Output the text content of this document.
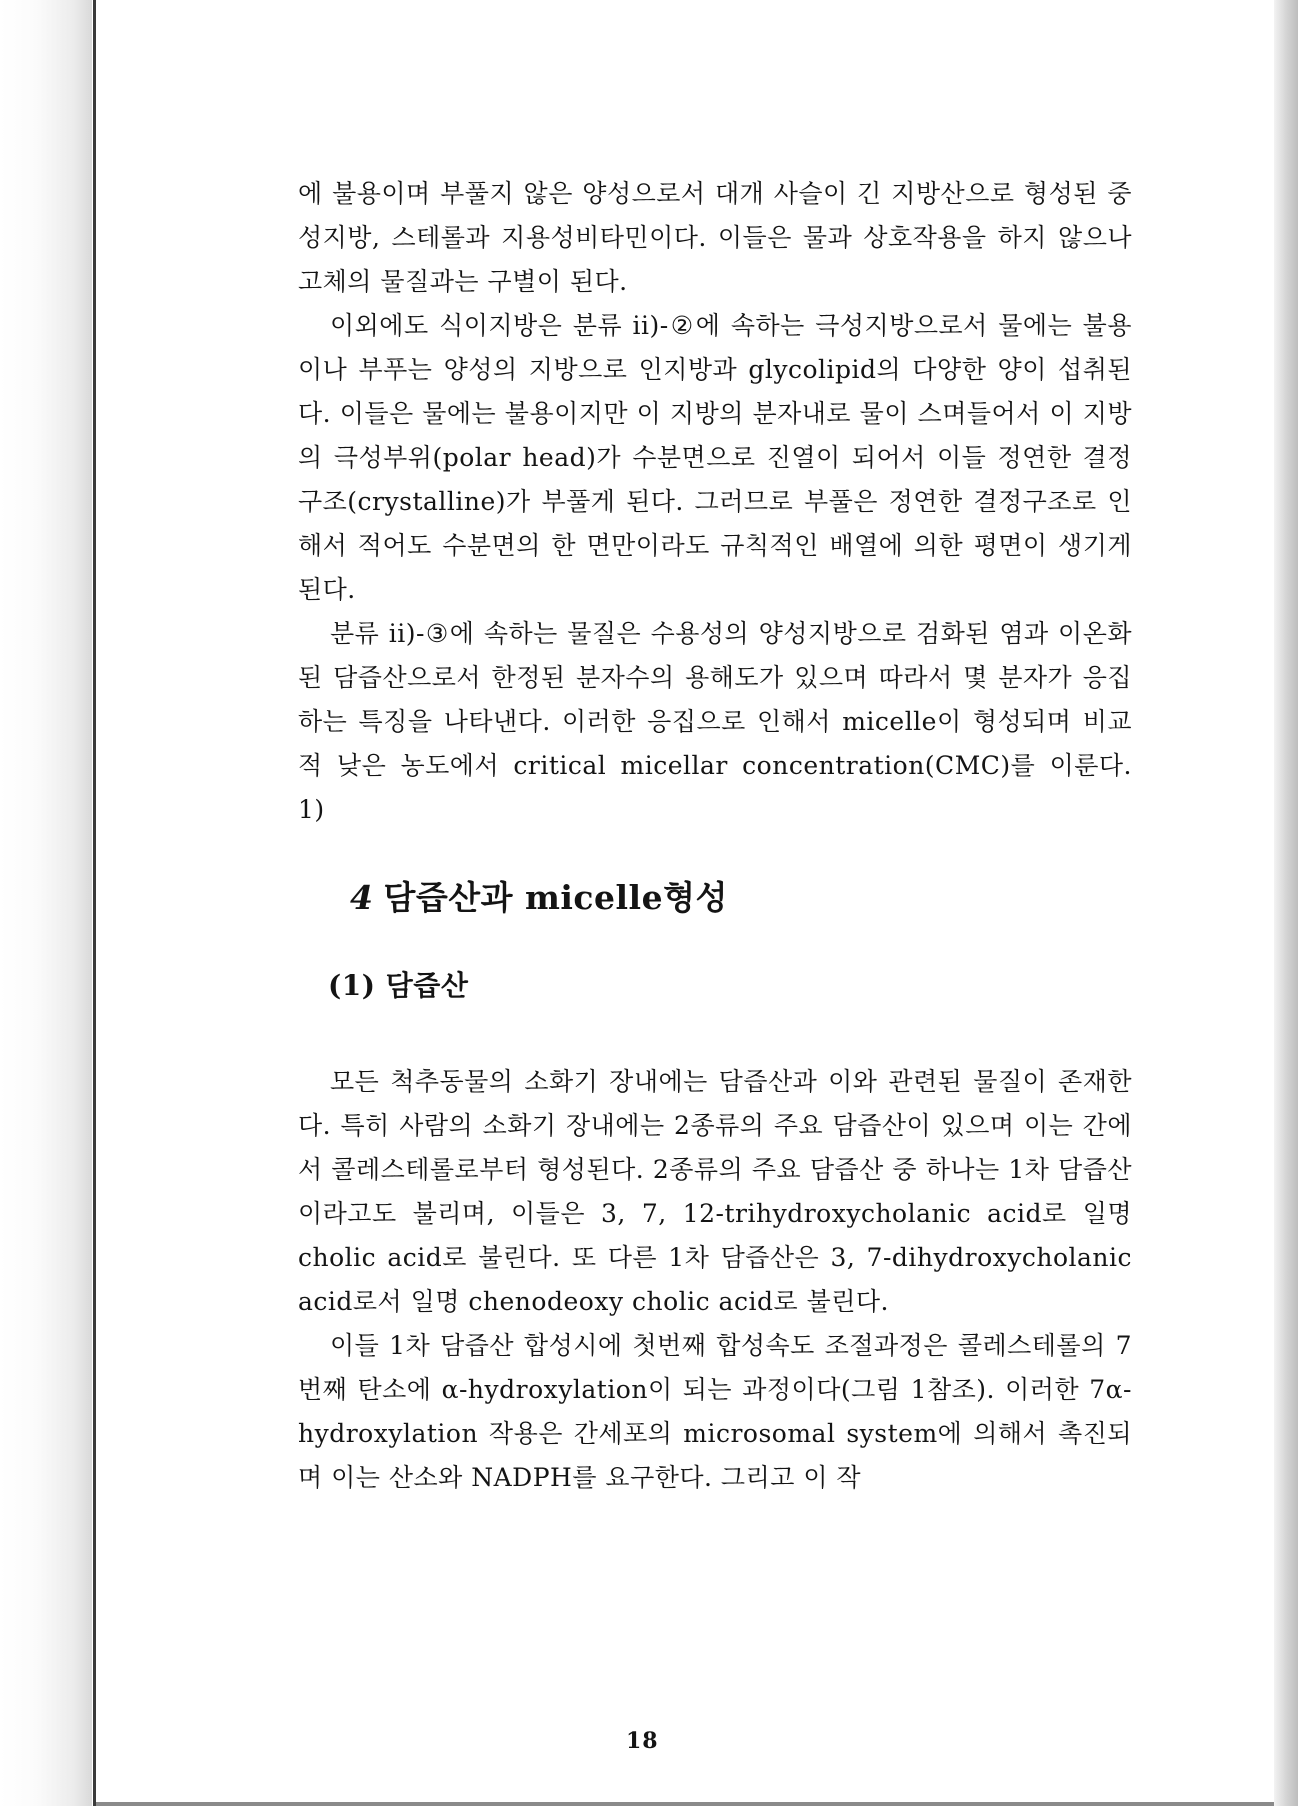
에 불용이며 부풀지 않은 양성으로서 대개 사슬이 긴 지방산으로 형성된 중성지방, 스테롤과 지용성비타민이다. 이들은 물과 상호작용을 하지 않으나 고체의 물질과는 구별이 된다.

이외에도 식이지방은 분류 ii)-②에 속하는 극성지방으로서 물에는 불용이나 부푸는 양성의 지방으로 인지방과 glycolipid의 다양한 양이 섭취된다. 이들은 물에는 불용이지만 이 지방의 분자내로 물이 스며들어서 이 지방의 극성부위(polar head)가 수분면으로 진열이 되어서 이들 정연한 결정구조(crystalline)가 부풀게 된다. 그러므로 부풀은 정연한 결정구조로 인해서 적어도 수분면의 한 면만이라도 규칙적인 배열에 의한 평면이 생기게 된다.

분류 ii)-③에 속하는 물질은 수용성의 양성지방으로 검화된 염과 이온화된 담즙산으로서 한정된 분자수의 용해도가 있으며 따라서 몇 분자가 응집하는 특징을 나타낸다. 이러한 응집으로 인해서 micelle이 형성되며 비교적 낮은 농도에서 critical micellar concentration(CMC)를 이룬다. 1)

4 담즙산과 micelle형성
(1) 담즙산

모든 척추동물의 소화기 장내에는 담즙산과 이와 관련된 물질이 존재한다. 특히 사람의 소화기 장내에는 2종류의 주요 담즙산이 있으며 이는 간에서 콜레스테롤로부터 형성된다. 2종류의 주요 담즙산 중 하나는 1차 담즙산이라고도 불리며, 이들은 3, 7, 12-trihydroxycholanic acid로 일명 cholic acid로 불린다. 또 다른 1차 담즙산은 3, 7-dihydroxycholanic acid로서 일명 chenodeoxy cholic acid로 불린다.

이들 1차 담즙산 합성시에 첫번째 합성속도 조절과정은 콜레스테롤의 7번째 탄소에 α-hydroxylation이 되는 과정이다(그림 1참조). 이러한 7α-hydroxylation 작용은 간세포의 microsomal system에 의해서 촉진되며 이는 산소와 NADPH를 요구한다. 그리고 이 작

18
